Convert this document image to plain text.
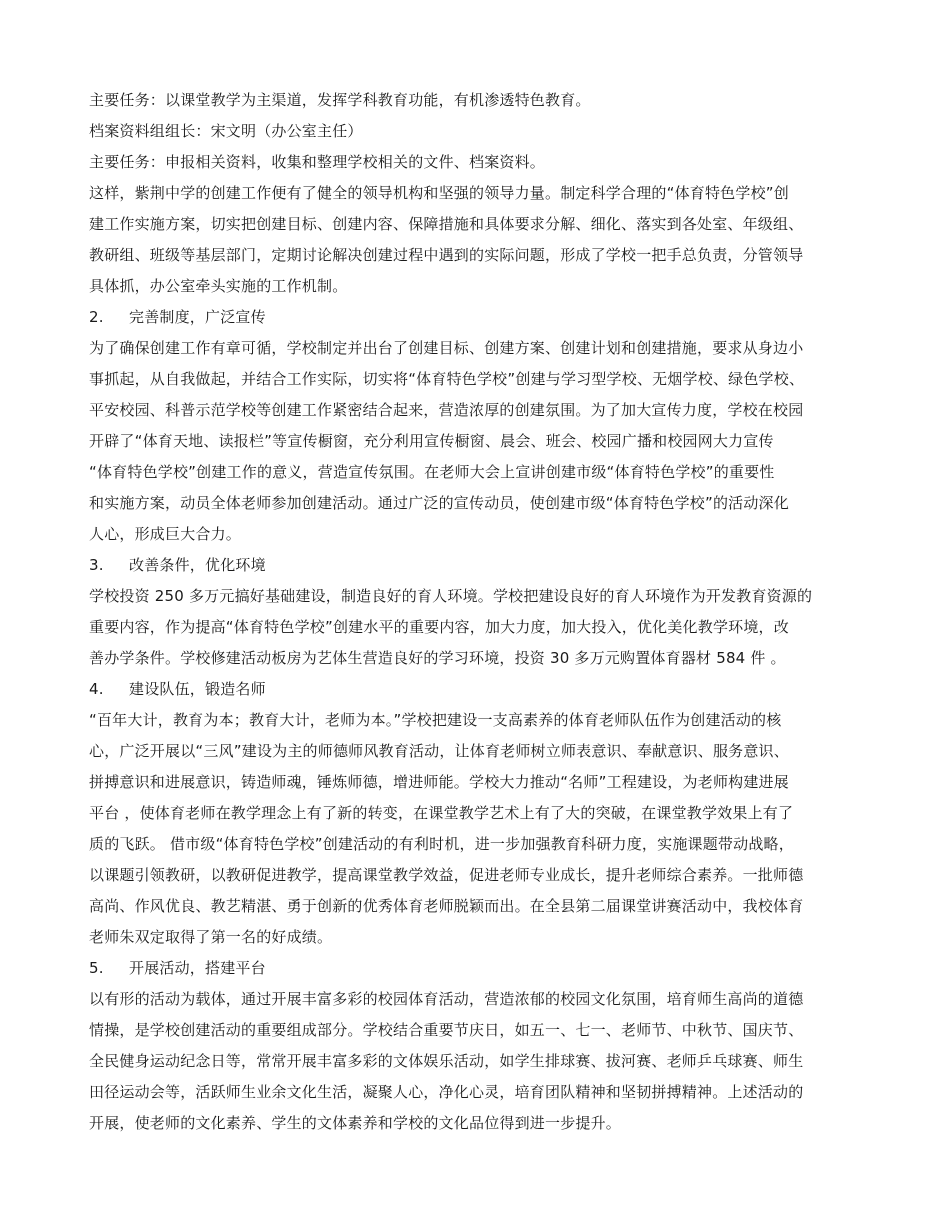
主要任务：以课堂教学为主渠道，发挥学科教育功能，有机渗透特色教育。
档案资料组组长：宋文明（办公室主任）
主要任务：申报相关资料，收集和整理学校相关的文件、档案资料。
这样，紫荆中学的创建工作便有了健全的领导机构和坚强的领导力量。制定科学合理的“体育特色学校”创
建工作实施方案，切实把创建目标、创建内容、保障措施和具体要求分解、细化、落实到各处室、年级组、
教研组、班级等基层部门，定期讨论解决创建过程中遇到的实际问题，形成了学校一把手总负责，分管领导
具体抓，办公室牵头实施的工作机制。
2. 完善制度，广泛宣传
为了确保创建工作有章可循，学校制定并出台了创建目标、创建方案、创建计划和创建措施，要求从身边小
事抓起，从自我做起，并结合工作实际，切实将“体育特色学校”创建与学习型学校、无烟学校、绿色学校、
平安校园、科普示范学校等创建工作紧密结合起来，营造浓厚的创建氛围。为了加大宣传力度，学校在校园
开辟了“体育天地、读报栏”等宣传橱窗，充分利用宣传橱窗、晨会、班会、校园广播和校园网大力宣传
“体育特色学校”创建工作的意义，营造宣传氛围。在老师大会上宣讲创建市级“体育特色学校”的重要性
和实施方案，动员全体老师参加创建活动。通过广泛的宣传动员，使创建市级“体育特色学校”的活动深化
人心，形成巨大合力。
3. 改善条件，优化环境
学校投资 250 多万元搞好基础建设，制造良好的育人环境。学校把建设良好的育人环境作为开发教育资源的
重要内容，作为提高“体育特色学校”创建水平的重要内容，加大力度，加大投入，优化美化教学环境，改
善办学条件。学校修建活动板房为艺体生营造良好的学习环境，投资 30 多万元购置体育器材 584 件 。
4. 建设队伍，锻造名师
“百年大计，教育为本；教育大计，老师为本。”学校把建设一支高素养的体育老师队伍作为创建活动的核
心，广泛开展以“三风”建设为主的师德师风教育活动，让体育老师树立师表意识、奉献意识、服务意识、
拼搏意识和进展意识，铸造师魂，锤炼师德，增进师能。学校大力推动“名师”工程建设，为老师构建进展
平台 ，使体育老师在教学理念上有了新的转变，在课堂教学艺术上有了大的突破，在课堂教学效果上有了
质的飞跃。 借市级“体育特色学校”创建活动的有利时机，进一步加强教育科研力度，实施课题带动战略，
以课题引领教研，以教研促进教学，提高课堂教学效益，促进老师专业成长，提升老师综合素养。一批师德
高尚、作风优良、教艺精湛、勇于创新的优秀体育老师脱颖而出。在全县第二届课堂讲赛活动中，我校体育
老师朱双定取得了第一名的好成绩。
5. 开展活动，搭建平台
以有形的活动为载体，通过开展丰富多彩的校园体育活动，营造浓郁的校园文化氛围，培育师生高尚的道德
情操，是学校创建活动的重要组成部分。学校结合重要节庆日，如五一、七一、老师节、中秋节、国庆节、
全民健身运动纪念日等，常常开展丰富多彩的文体娱乐活动，如学生排球赛、拔河赛、老师乒乓球赛、师生
田径运动会等，活跃师生业余文化生活，凝聚人心，净化心灵，培育团队精神和坚韧拼搏精神。上述活动的
开展，使老师的文化素养、学生的文体素养和学校的文化品位得到进一步提升。
